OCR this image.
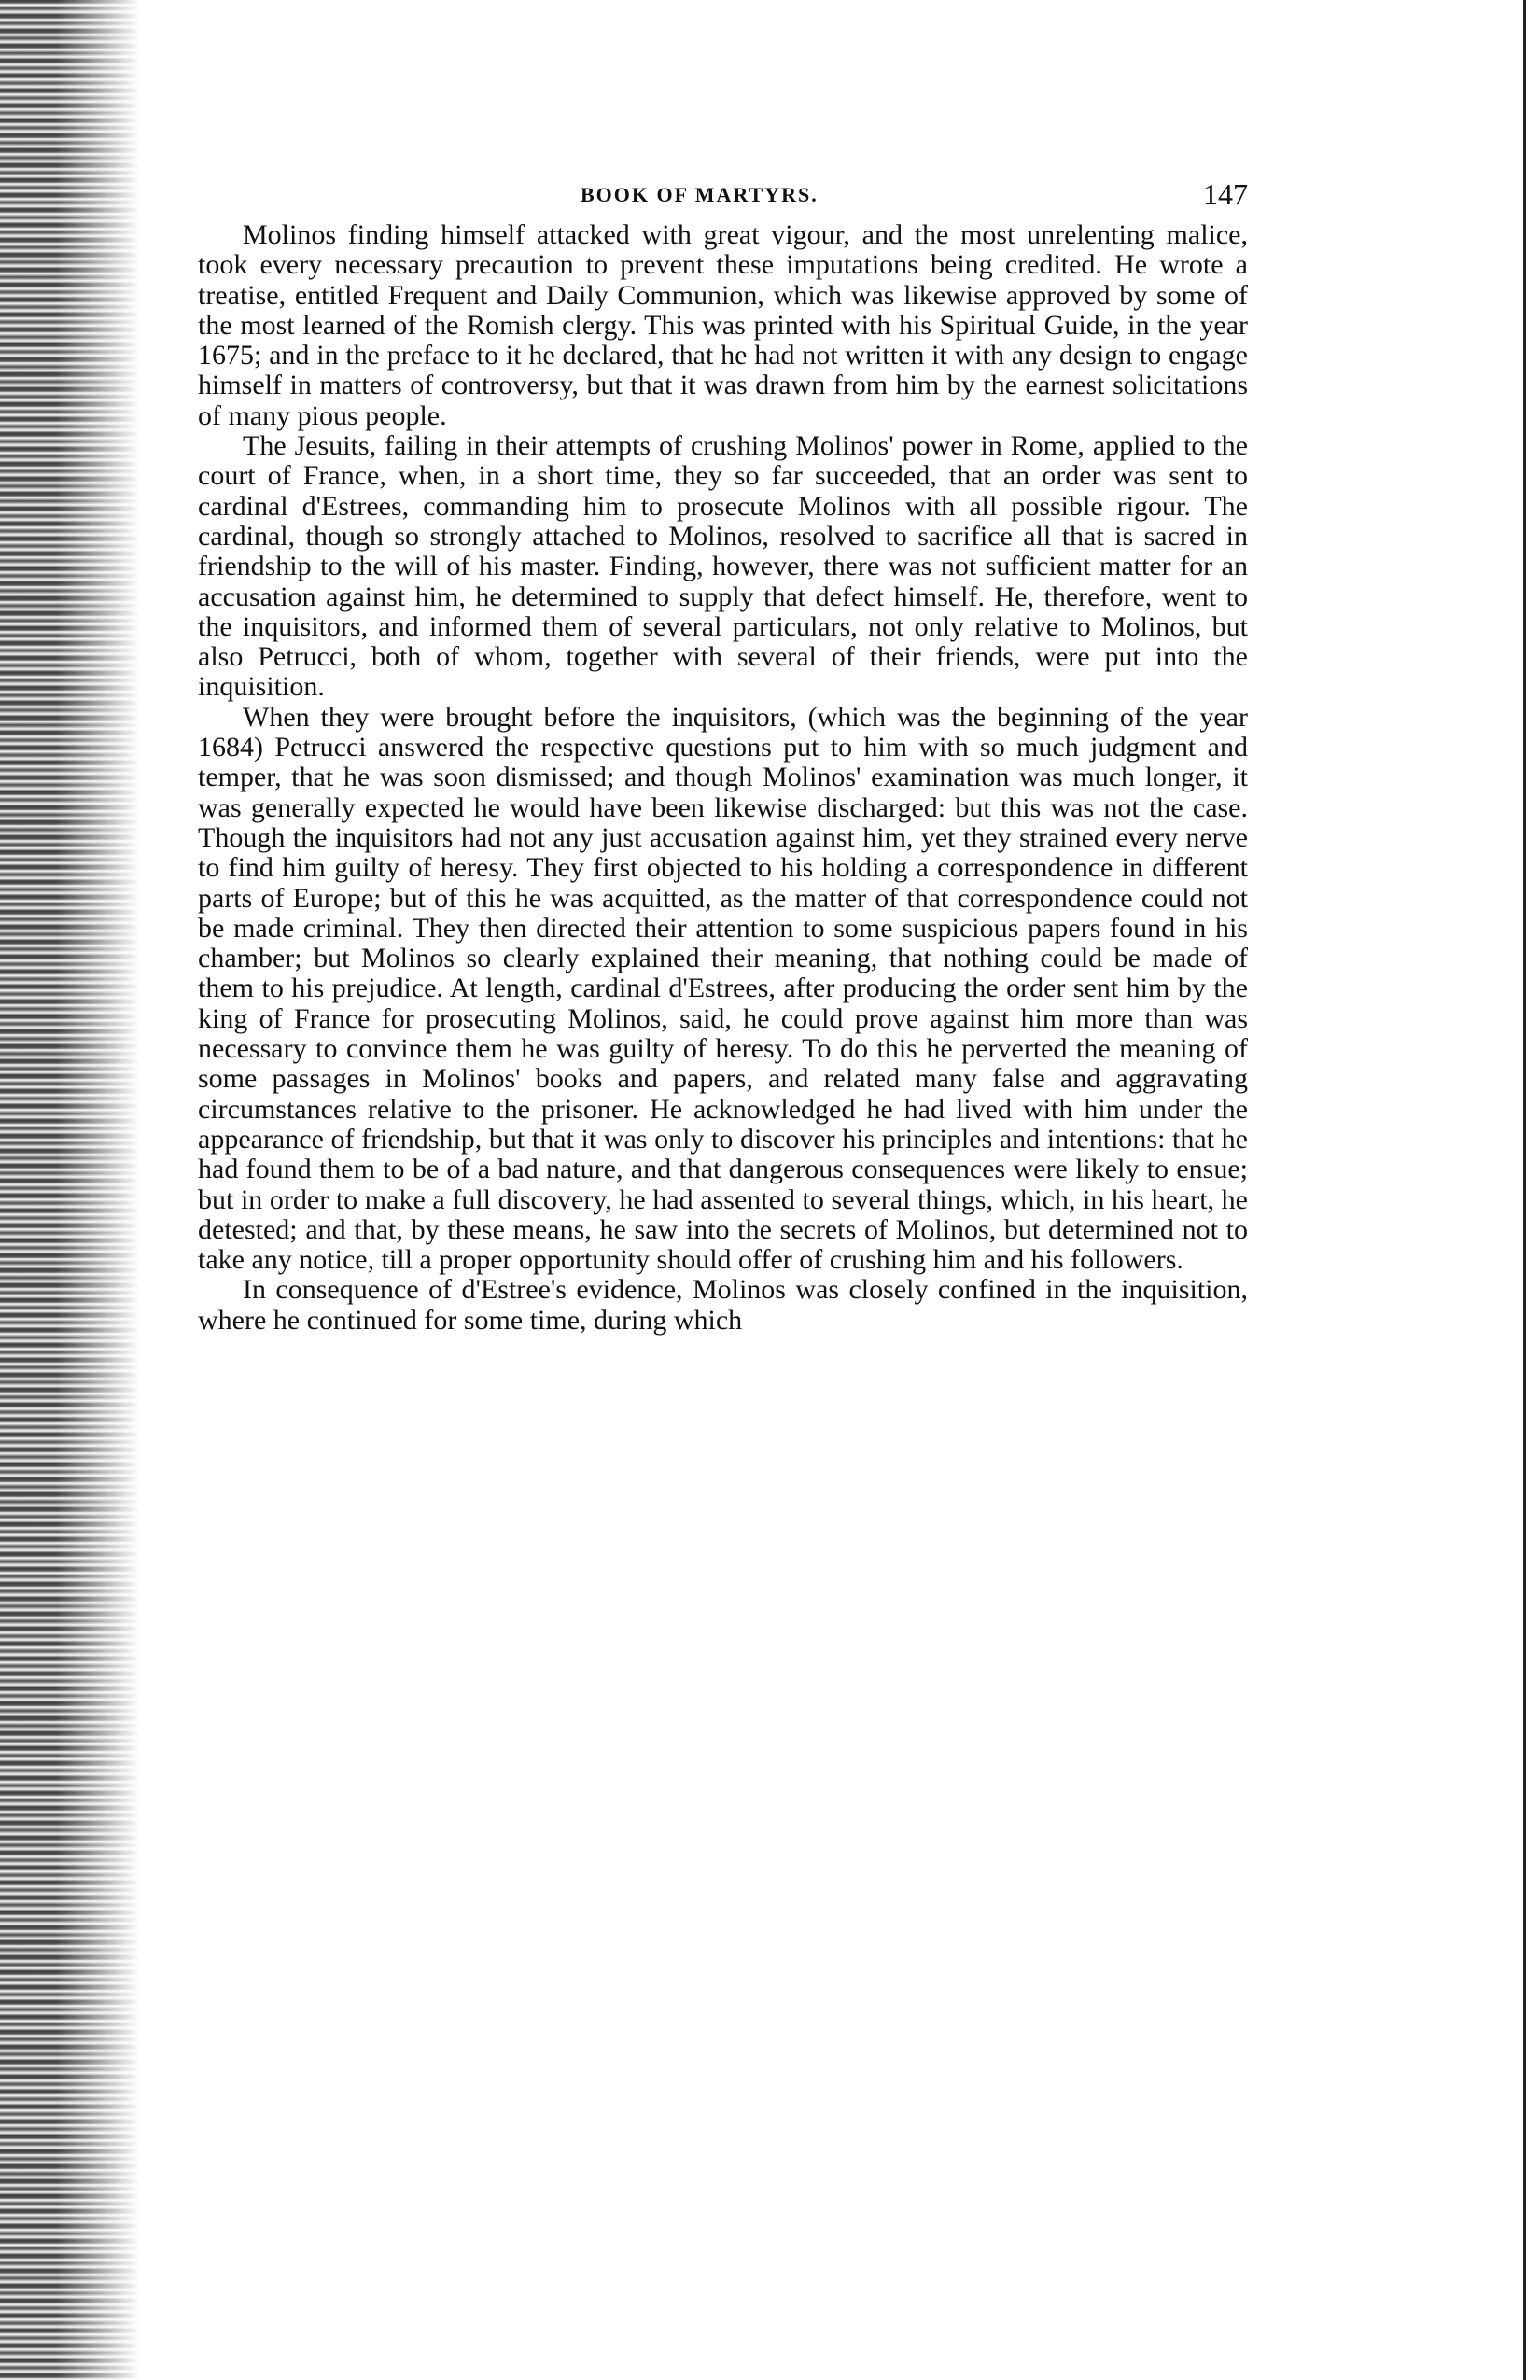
BOOK OF MARTYRS.	147

Molinos finding himself attacked with great vigour, and the most unrelenting malice, took every necessary precaution to prevent these imputations being credited. He wrote a treatise, entitled Frequent and Daily Communion, which was likewise approved by some of the most learned of the Romish clergy. This was printed with his Spiritual Guide, in the year 1675; and in the preface to it he declared, that he had not written it with any design to engage himself in matters of controversy, but that it was drawn from him by the earnest solicitations of many pious people.

The Jesuits, failing in their attempts of crushing Molinos' power in Rome, applied to the court of France, when, in a short time, they so far succeeded, that an order was sent to cardinal d'Estrees, commanding him to prosecute Molinos with all possible rigour. The cardinal, though so strongly attached to Molinos, resolved to sacrifice all that is sacred in friendship to the will of his master. Finding, however, there was not sufficient matter for an accusation against him, he determined to supply that defect himself. He, therefore, went to the inquisitors, and informed them of several particulars, not only relative to Molinos, but also Petrucci, both of whom, together with several of their friends, were put into the inquisition.

When they were brought before the inquisitors, (which was the beginning of the year 1684) Petrucci answered the respective questions put to him with so much judgment and temper, that he was soon dismissed; and though Molinos' examination was much longer, it was generally expected he would have been likewise discharged: but this was not the case. Though the inquisitors had not any just accusation against him, yet they strained every nerve to find him guilty of heresy. They first objected to his holding a correspondence in different parts of Europe; but of this he was acquitted, as the matter of that correspondence could not be made criminal. They then directed their attention to some suspicious papers found in his chamber; but Molinos so clearly explained their meaning, that nothing could be made of them to his prejudice. At length, cardinal d'Estrees, after producing the order sent him by the king of France for prosecuting Molinos, said, he could prove against him more than was necessary to convince them he was guilty of heresy. To do this he perverted the meaning of some passages in Molinos' books and papers, and related many false and aggravating circumstances relative to the prisoner. He acknowledged he had lived with him under the appearance of friendship, but that it was only to discover his principles and intentions: that he had found them to be of a bad nature, and that dangerous consequences were likely to ensue; but in order to make a full discovery, he had assented to several things, which, in his heart, he detested; and that, by these means, he saw into the secrets of Molinos, but determined not to take any notice, till a proper opportunity should offer of crushing him and his followers.

In consequence of d'Estree's evidence, Molinos was closely confined in the inquisition, where he continued for some time, during which
